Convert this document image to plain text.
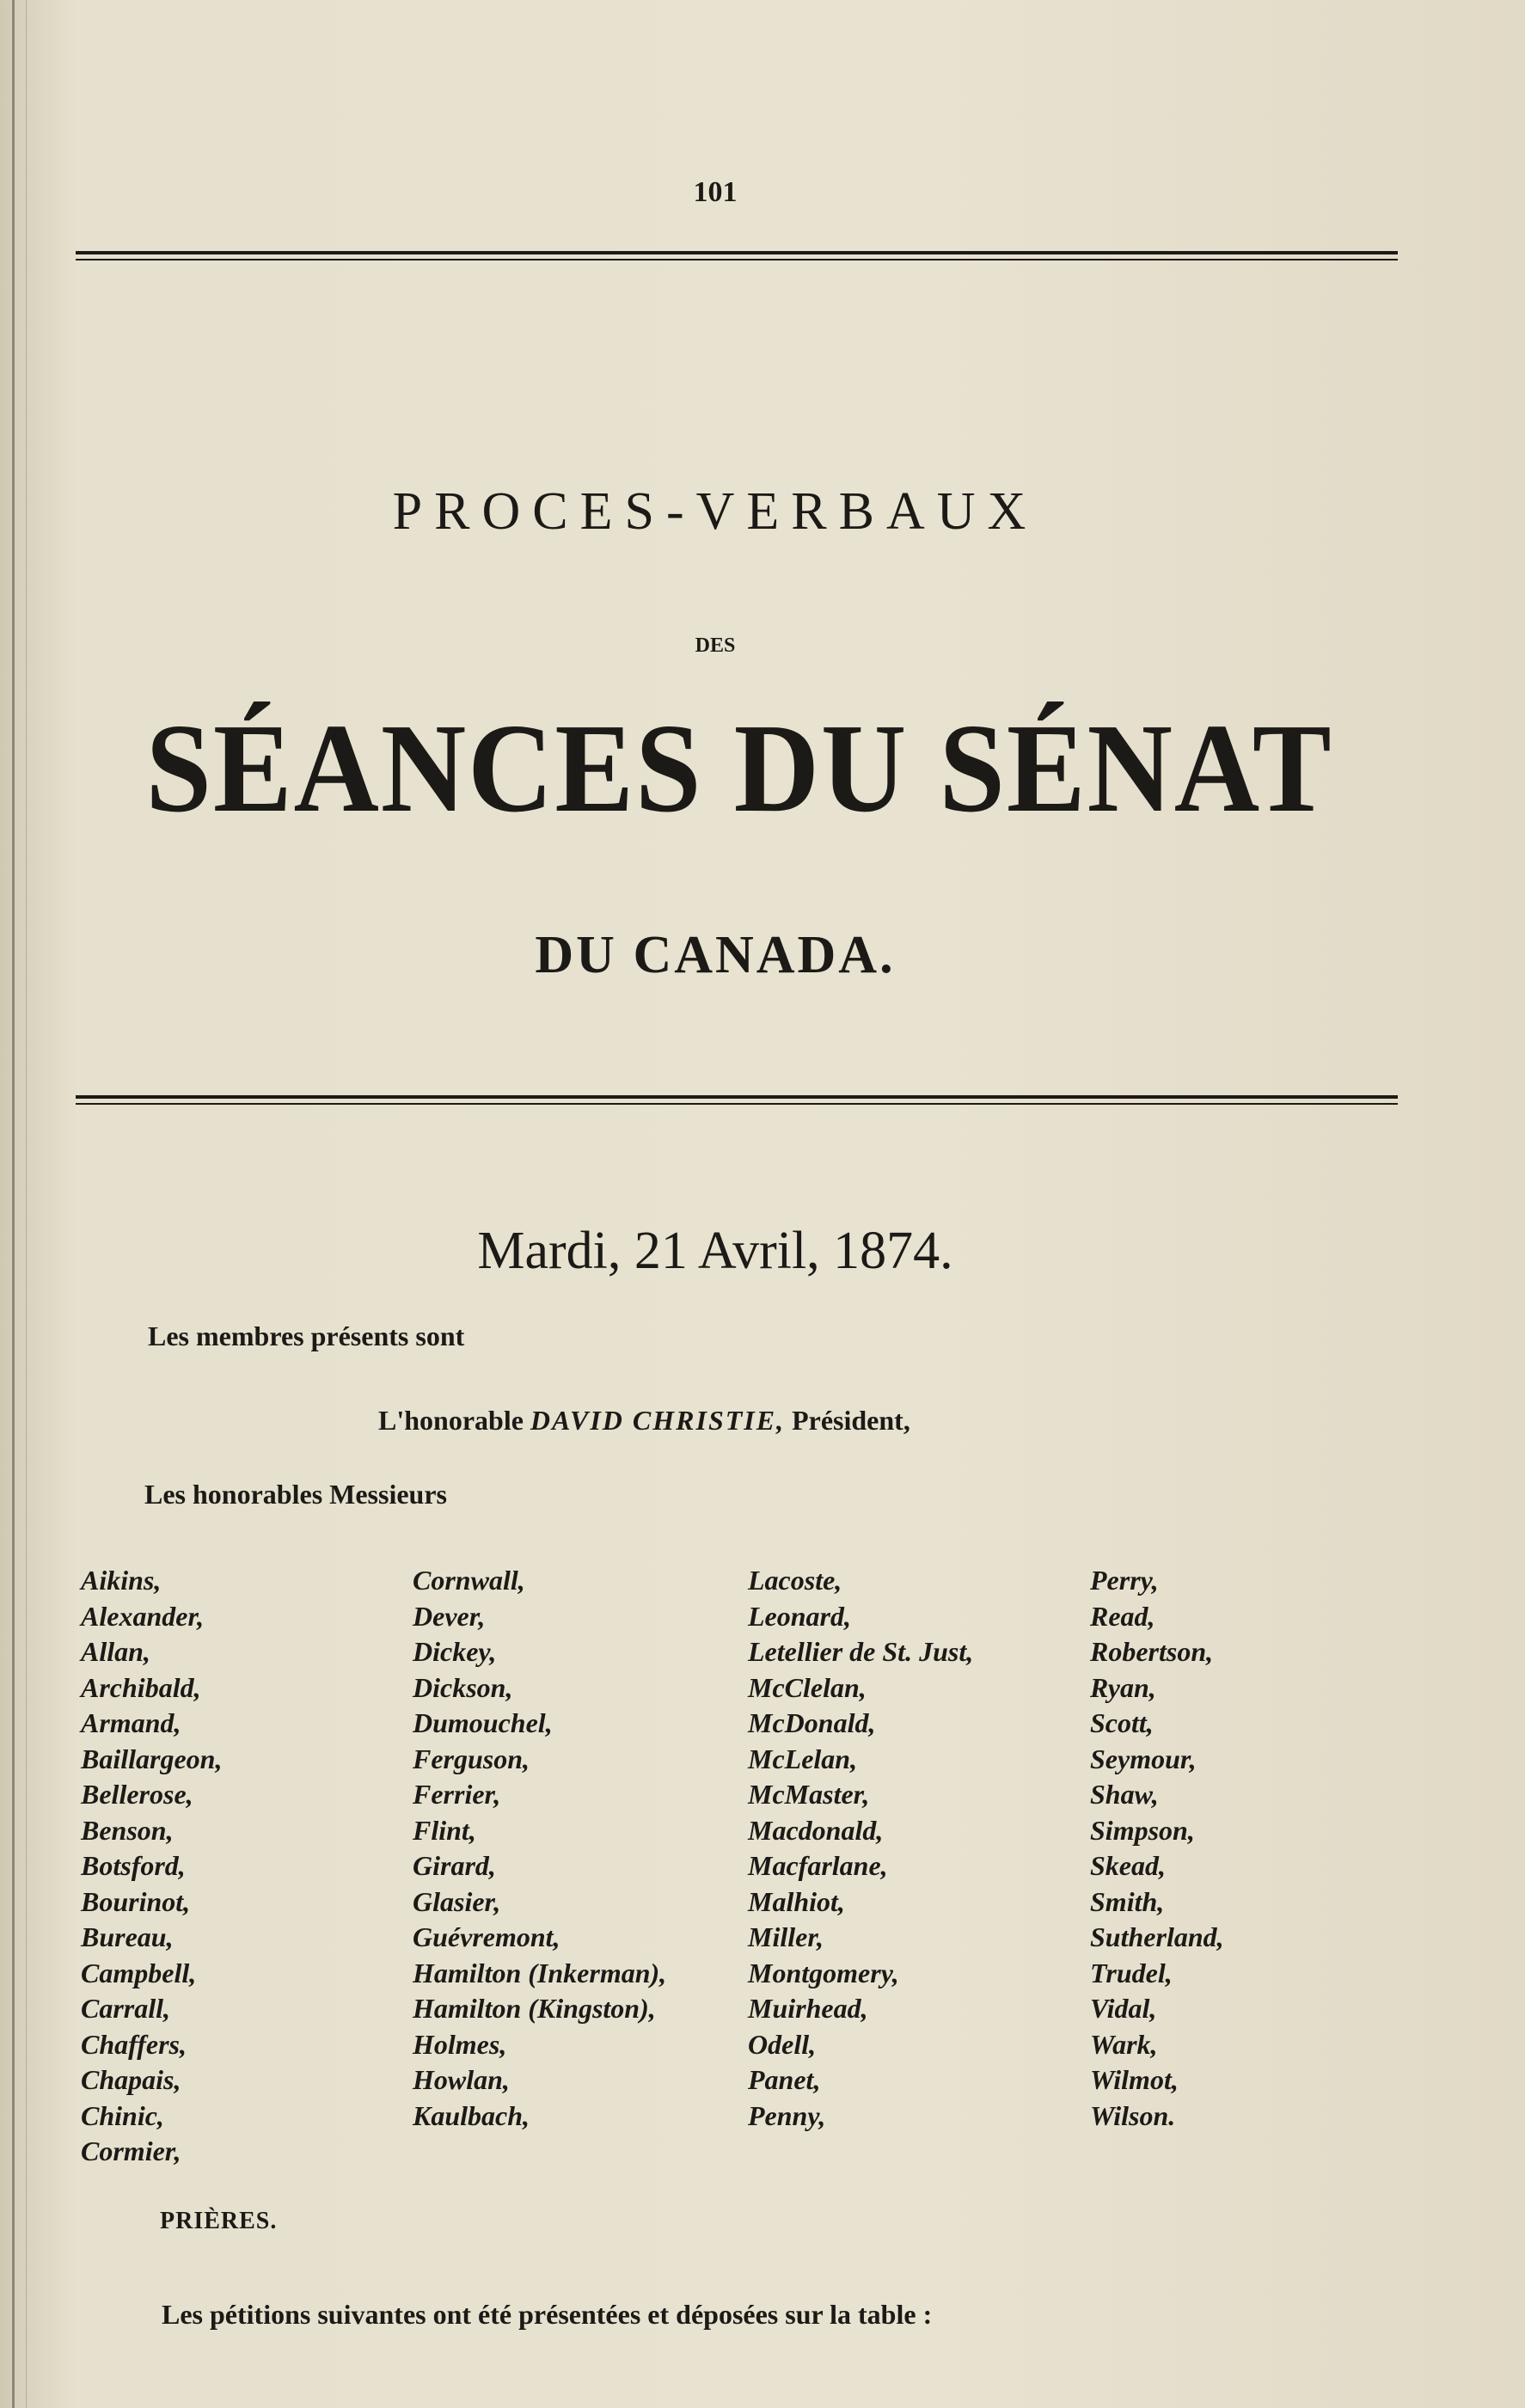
101
PROCES-VERBAUX
DES
SÉANCES DU SÉNAT
DU CANADA.
Mardi, 21 Avril, 1874.
Les membres présents sont
L'honorable DAVID CHRISTIE, Président,
Les honorables Messieurs
Aikins,
Alexander,
Allan,
Archibald,
Armand,
Baillargeon,
Bellerose,
Benson,
Botsford,
Bourinot,
Bureau,
Campbell,
Carrall,
Chaffers,
Chapais,
Chinic,
Cormier,
Cornwall,
Dever,
Dickey,
Dickson,
Dumouchel,
Ferguson,
Ferrier,
Flint,
Girard,
Glasier,
Guévremont,
Hamilton (Inkerman),
Hamilton (Kingston),
Holmes,
Howlan,
Kaulbach,
Lacoste,
Leonard,
Letellier de St. Just,
McClelan,
McDonald,
McLelan,
McMaster,
Macdonald,
Macfarlane,
Malhiot,
Miller,
Montgomery,
Muirhead,
Odell,
Panet,
Penny,
Perry,
Read,
Robertson,
Ryan,
Scott,
Seymour,
Shaw,
Simpson,
Skead,
Smith,
Sutherland,
Trudel,
Vidal,
Wark,
Wilmot,
Wilson.
PRIÈRES.
Les pétitions suivantes ont été présentées et déposées sur la table :
